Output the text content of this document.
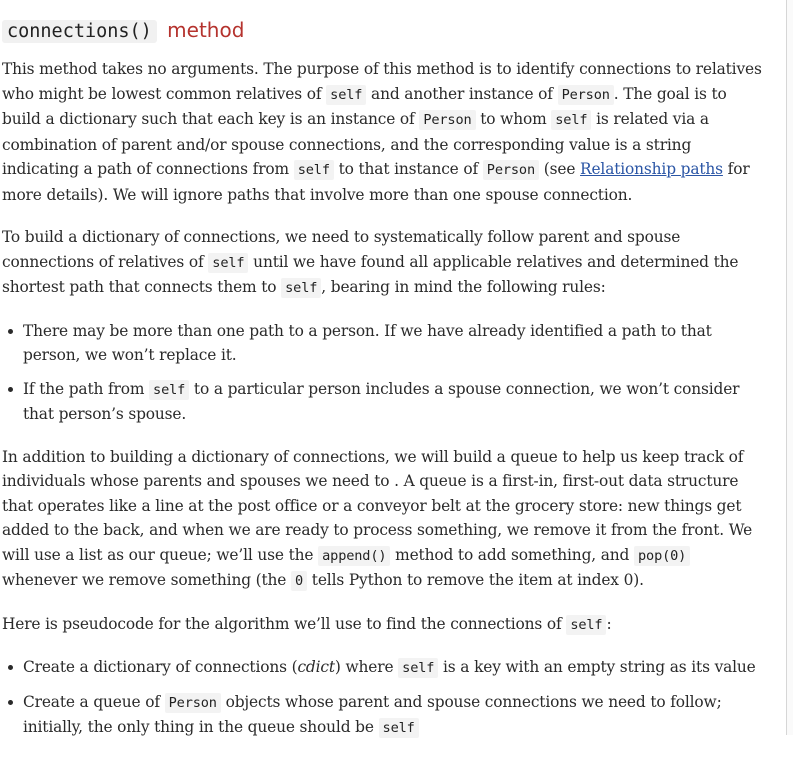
connections() method

This method takes no arguments. The purpose of this method is to identify connections to relatives who might be lowest common relatives of self and another instance of Person . The goal is to build a dictionary such that each key is an instance of Person to whom self is related via a combination of parent and/or spouse connections, and the corresponding value is a string indicating a path of connections from self to that instance of Person (see Relationship paths for more details). We will ignore paths that involve more than one spouse connection.

To build a dictionary of connections, we need to systematically follow parent and spouse connections of relatives of self until we have found all applicable relatives and determined the shortest path that connects them to self , bearing in mind the following rules:

There may be more than one path to a person. If we have already identified a path to that person, we won’t replace it.
If the path from self to a particular person includes a spouse connection, we won’t consider that person’s spouse.

In addition to building a dictionary of connections, we will build a queue to help us keep track of individuals whose parents and spouses we need to . A queue is a first-in, first-out data structure that operates like a line at the post office or a conveyor belt at the grocery store: new things get added to the back, and when we are ready to process something, we remove it from the front. We will use a list as our queue; we’ll use the append() method to add something, and pop(0) whenever we remove something (the 0 tells Python to remove the item at index 0).

Here is pseudocode for the algorithm we’ll use to find the connections of self :

Create a dictionary of connections (cdict) where self is a key with an empty string as its value
Create a queue of Person objects whose parent and spouse connections we need to follow; initially, the only thing in the queue should be self
